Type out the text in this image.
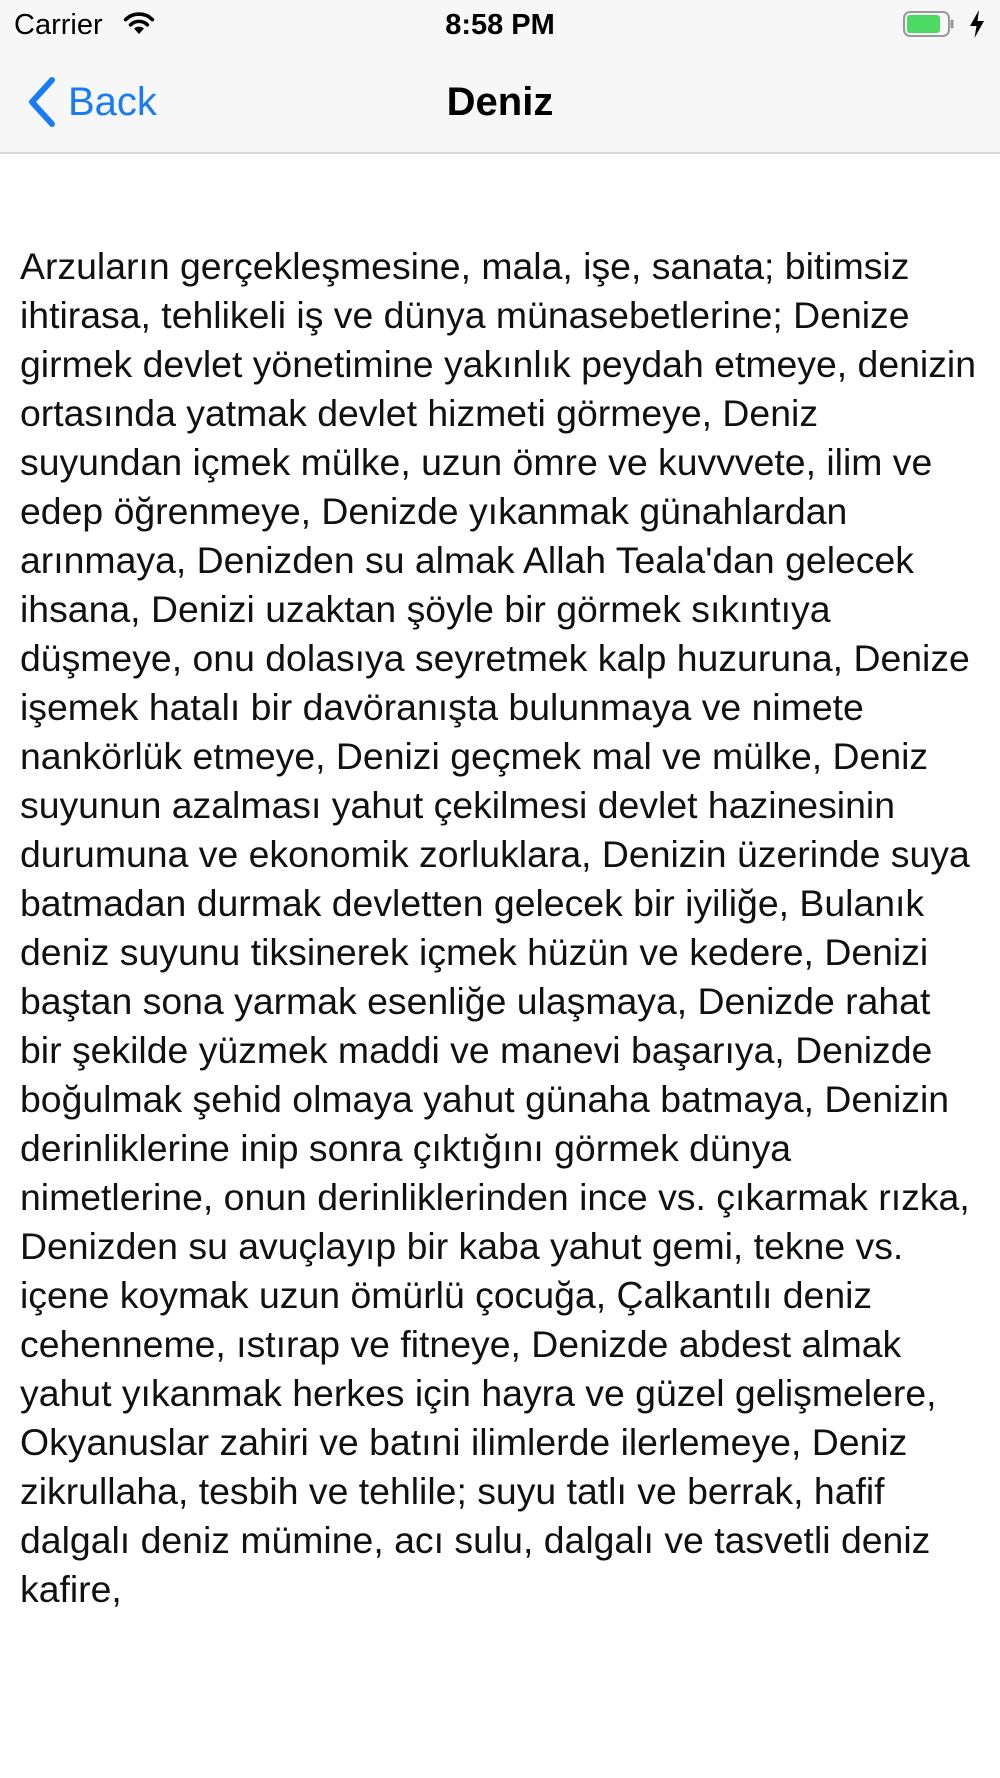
Carrier	8:58 PM
Back	Deniz
Arzuların gerçekleşmesine, mala, işe, sanata; bitimsiz ihtirasa, tehlikeli iş ve dünya münasebetlerine; Denize girmek devlet yönetimine yakınlık peydah etmeye, denizin ortasında yatmak devlet hizmeti görmeye, Deniz suyundan içmek mülke, uzun ömre ve kuvvvete, ilim ve edep öğrenmeye, Denizde yıkanmak günahlardan arınmaya, Denizden su almak Allah Teala'dan gelecek ihsana, Denizi uzaktan şöyle bir görmek sıkıntıya düşmeye, onu dolasıya seyretmek kalp huzuruna, Denize işemek hatalı bir davöranışta bulunmaya ve nimete nankörlük etmeye, Denizi geçmek mal ve mülke, Deniz suyunun azalması yahut çekilmesi devlet hazinesinin durumuna ve ekonomik zorluklara, Denizin üzerinde suya batmadan durmak devletten gelecek bir iyiliğe, Bulanık deniz suyunu tiksinerek içmek hüzün ve kedere, Denizi baştan sona yarmak esenliğe ulaşmaya, Denizde rahat bir şekilde yüzmek maddi ve manevi başarıya, Denizde boğulmak şehid olmaya yahut günaha batmaya, Denizin derinliklerine inip sonra çıktığını görmek dünya nimetlerine, onun derinliklerinden ince vs. çıkarmak rızka, Denizden su avuçlayıp bir kaba yahut gemi, tekne vs. içene koymak uzun ömürlü çocuğa, Çalkantılı deniz cehenneme, ıstırap ve fitneye, Denizde abdest almak yahut yıkanmak herkes için hayra ve güzel gelişmelere, Okyanuslar zahiri ve batıni ilimlerde ilerlemeye, Deniz zikrullaha, tesbih ve tehlile; suyu tatlı ve berrak, hafif dalgalı deniz mümine, acı sulu, dalgalı ve tasvetli deniz kafire,
